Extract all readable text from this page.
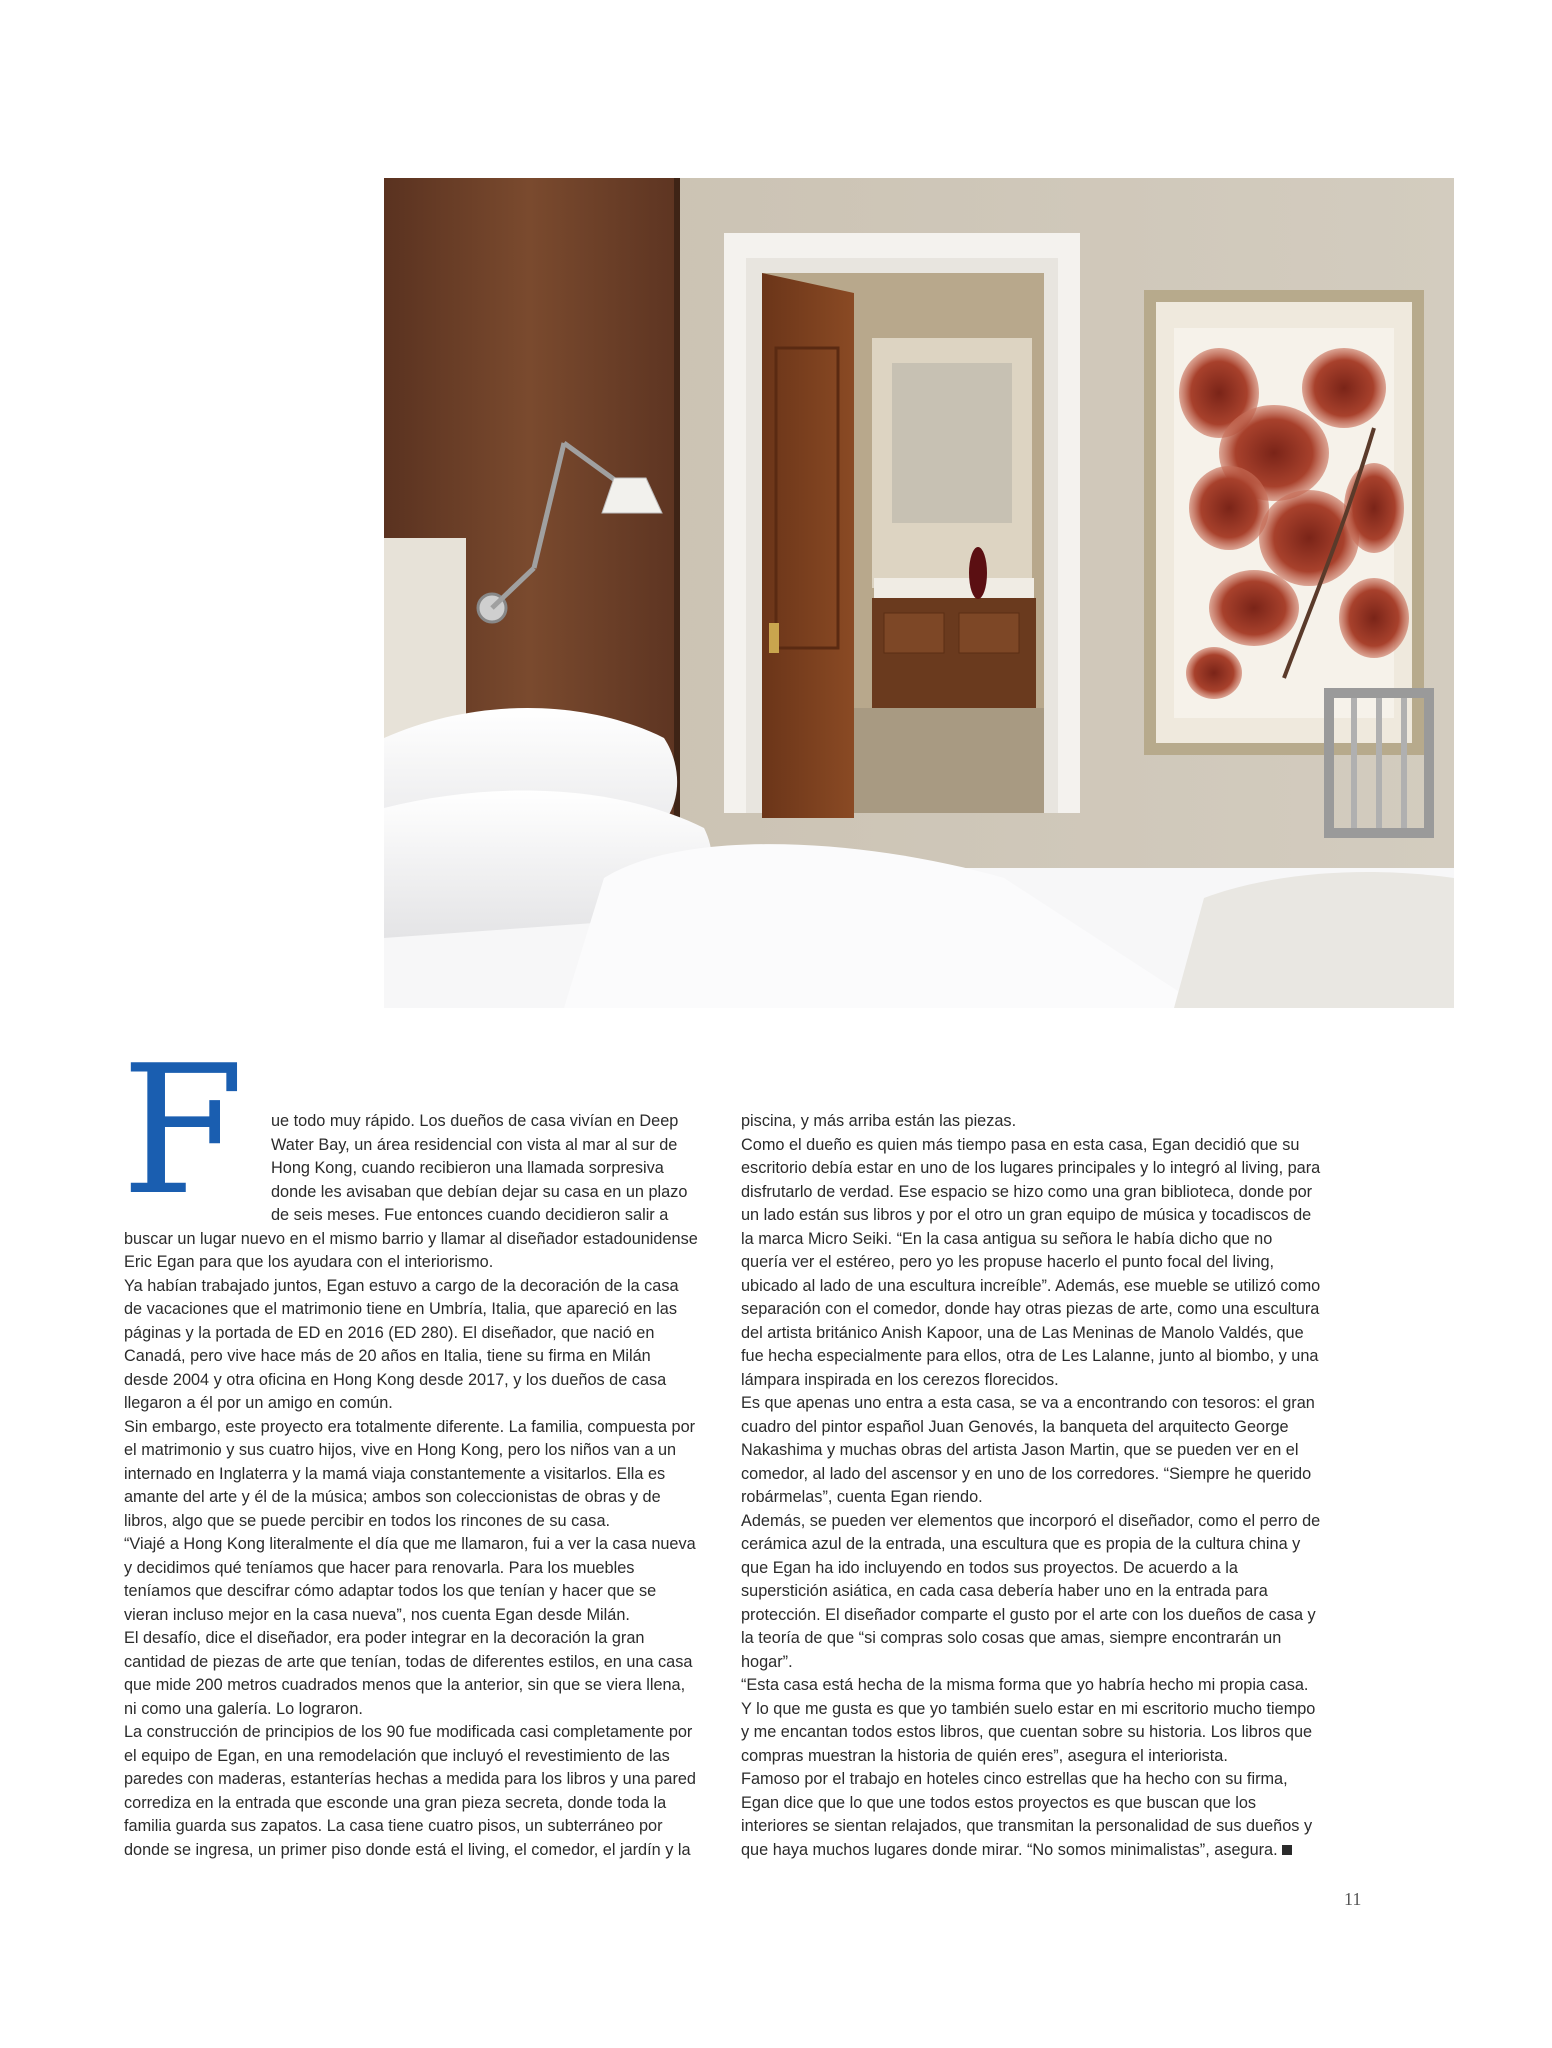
F	ue todo muy rápido. Los dueños de casa vivían en Deep Water Bay, un área residencial con vista al mar al sur de Hong Kong, cuando recibieron una llamada sorpresiva donde les avisaban que debían dejar su casa en un plazo de seis meses. Fue entonces cuando decidieron salir a buscar un lugar nuevo en el mismo barrio y llamar al diseñador estadounidense Eric Egan para que los ayudara con el interiorismo.

Ya habían trabajado juntos, Egan estuvo a cargo de la decoración de la casa de vacaciones que el matrimonio tiene en Umbría, Italia, que apareció en las páginas y la portada de ED en 2016 (ED 280). El diseñador, que nació en Canadá, pero vive hace más de 20 años en Italia, tiene su firma en Milán desde 2004 y otra oficina en Hong Kong desde 2017, y los dueños de casa llegaron a él por un amigo en común.

Sin embargo, este proyecto era totalmente diferente. La familia, compuesta por el matrimonio y sus cuatro hijos, vive en Hong Kong, pero los niños van a un internado en Inglaterra y la mamá viaja constantemente a visitarlos. Ella es amante del arte y él de la música; ambos son coleccionistas de obras y de libros, algo que se puede percibir en todos los rincones de su casa.

“Viajé a Hong Kong literalmente el día que me llamaron, fui a ver la casa nueva y decidimos qué teníamos que hacer para renovarla. Para los muebles teníamos que descifrar cómo adaptar todos los que tenían y hacer que se vieran incluso mejor en la casa nueva”, nos cuenta Egan desde Milán.

El desafío, dice el diseñador, era poder integrar en la decoración la gran cantidad de piezas de arte que tenían, todas de diferentes estilos, en una casa que mide 200 metros cuadrados menos que la anterior, sin que se viera llena, ni como una galería. Lo lograron.

La construcción de principios de los 90 fue modificada casi completamente por el equipo de Egan, en una remodelación que incluyó el revestimiento de las paredes con maderas, estanterías hechas a medida para los libros y una pared corrediza en la entrada que esconde una gran pieza secreta, donde toda la familia guarda sus zapatos. La casa tiene cuatro pisos, un subterráneo por donde se ingresa, un primer piso donde está el living, el comedor, el jardín y la

piscina, y más arriba están las piezas.

Como el dueño es quien más tiempo pasa en esta casa, Egan decidió que su escritorio debía estar en uno de los lugares principales y lo integró al living, para disfrutarlo de verdad. Ese espacio se hizo como una gran biblioteca, donde por un lado están sus libros y por el otro un gran equipo de música y tocadiscos de la marca Micro Seiki. “En la casa antigua su señora le había dicho que no quería ver el estéreo, pero yo les propuse hacerlo el punto focal del living, ubicado al lado de una escultura increíble”. Además, ese mueble se utilizó como separación con el comedor, donde hay otras piezas de arte, como una escultura del artista británico Anish Kapoor, una de Las Meninas de Manolo Valdés, que fue hecha especialmente para ellos, otra de Les Lalanne, junto al biombo, y una lámpara inspirada en los cerezos florecidos.

Es que apenas uno entra a esta casa, se va a encontrando con tesoros: el gran cuadro del pintor español Juan Genovés, la banqueta del arquitecto George Nakashima y muchas obras del artista Jason Martin, que se pueden ver en el comedor, al lado del ascensor y en uno de los corredores. “Siempre he querido robármelas”, cuenta Egan riendo.

Además, se pueden ver elementos que incorporó el diseñador, como el perro de cerámica azul de la entrada, una escultura que es propia de la cultura china y que Egan ha ido incluyendo en todos sus proyectos. De acuerdo a la superstición asiática, en cada casa debería haber uno en la entrada para protección. El diseñador comparte el gusto por el arte con los dueños de casa y la teoría de que “si compras solo cosas que amas, siempre encontrarán un hogar”.

“Esta casa está hecha de la misma forma que yo habría hecho mi propia casa. Y lo que me gusta es que yo también suelo estar en mi escritorio mucho tiempo y me encantan todos estos libros, que cuentan sobre su historia. Los libros que compras muestran la historia de quién eres”, asegura el interiorista.

Famoso por el trabajo en hoteles cinco estrellas que ha hecho con su firma, Egan dice que lo que une todos estos proyectos es que buscan que los interiores se sientan relajados, que transmitan la personalidad de sus dueños y que haya muchos lugares donde mirar. “No somos minimalistas”, asegura.

11
